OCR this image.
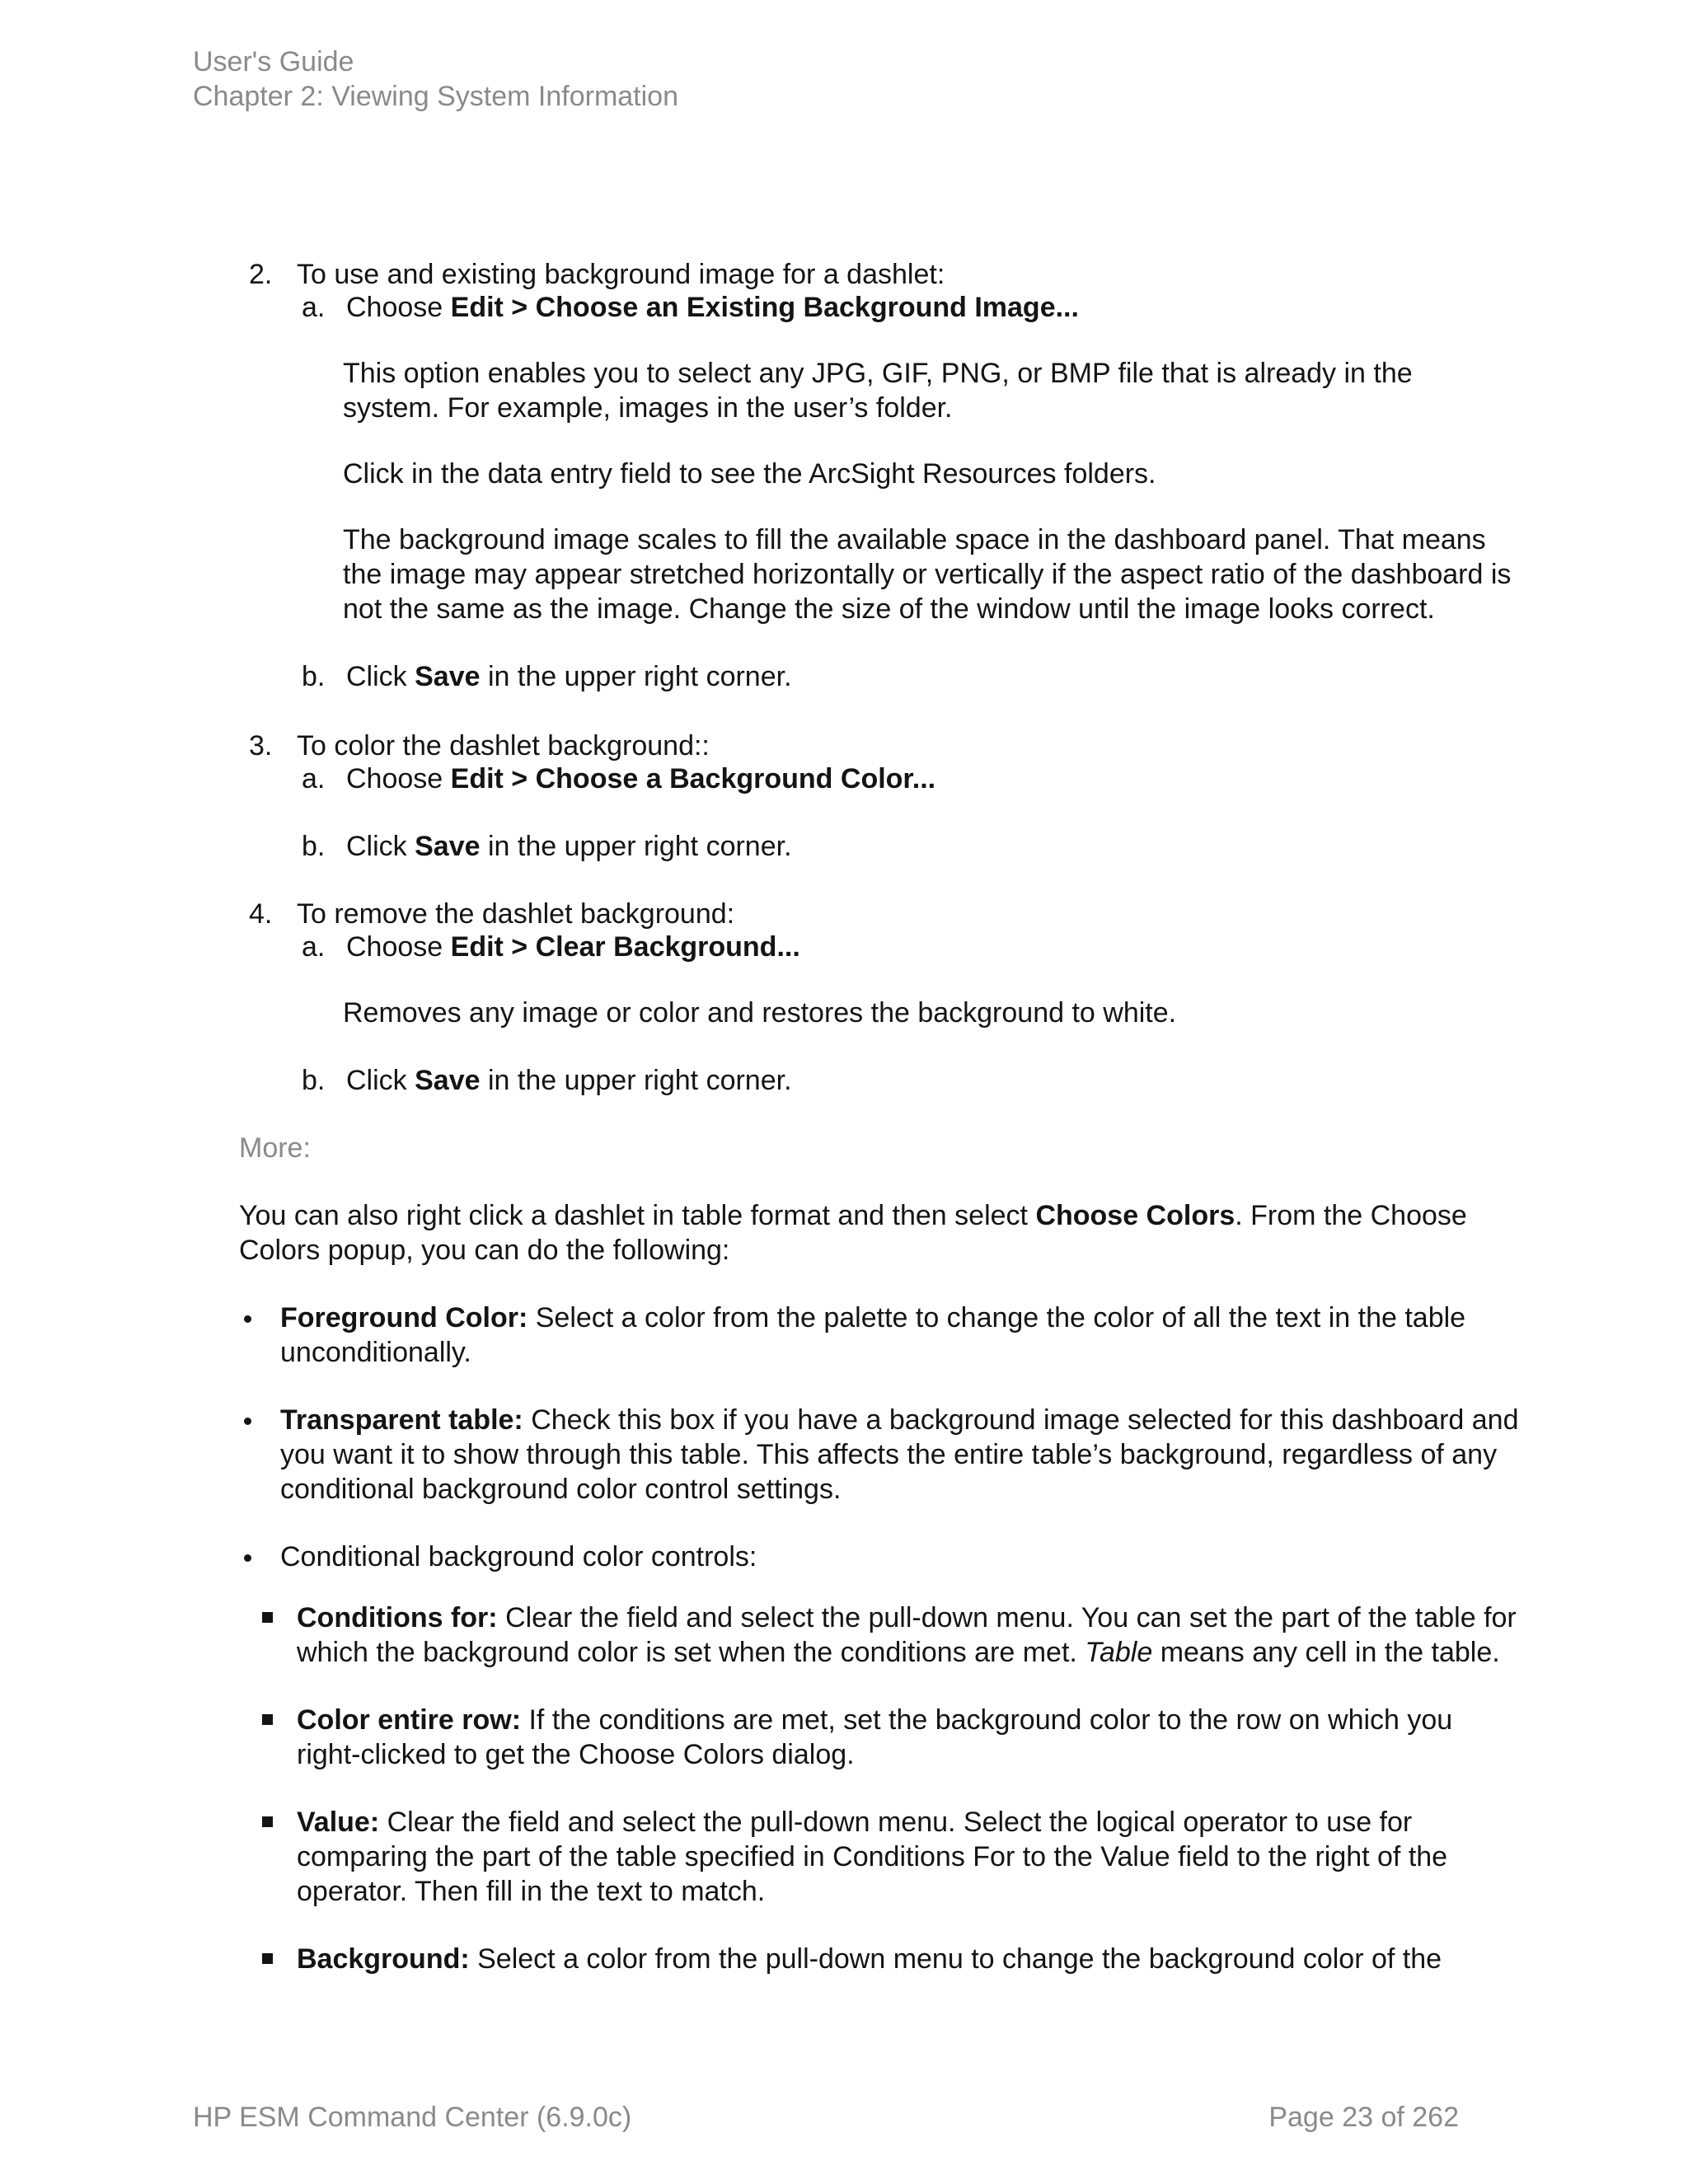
User's Guide
Chapter 2: Viewing System Information
2. To use and existing background image for a dashlet:
a. Choose Edit > Choose an Existing Background Image...
This option enables you to select any JPG, GIF, PNG, or BMP file that is already in the
system. For example, images in the user’s folder.
Click in the data entry field to see the ArcSight Resources folders.
The background image scales to fill the available space in the dashboard panel. That means
the image may appear stretched horizontally or vertically if the aspect ratio of the dashboard is
not the same as the image. Change the size of the window until the image looks correct.
b. Click Save in the upper right corner.
3. To color the dashlet background::
a. Choose Edit > Choose a Background Color...
b. Click Save in the upper right corner.
4. To remove the dashlet background:
a. Choose Edit > Clear Background...
Removes any image or color and restores the background to white.
b. Click Save in the upper right corner.
More:
You can also right click a dashlet in table format and then select Choose Colors. From the Choose
Colors popup, you can do the following:
Foreground Color: Select a color from the palette to change the color of all the text in the table
unconditionally.
Transparent table: Check this box if you have a background image selected for this dashboard and
you want it to show through this table. This affects the entire table’s background, regardless of any
conditional background color control settings.
Conditional background color controls:
Conditions for: Clear the field and select the pull-down menu. You can set the part of the table for
which the background color is set when the conditions are met. Table means any cell in the table.
Color entire row: If the conditions are met, set the background color to the row on which you
right-clicked to get the Choose Colors dialog.
Value: Clear the field and select the pull-down menu. Select the logical operator to use for
comparing the part of the table specified in Conditions For to the Value field to the right of the
operator. Then fill in the text to match.
Background: Select a color from the pull-down menu to change the background color of the
HP ESM Command Center (6.9.0c)	Page 23 of 262
